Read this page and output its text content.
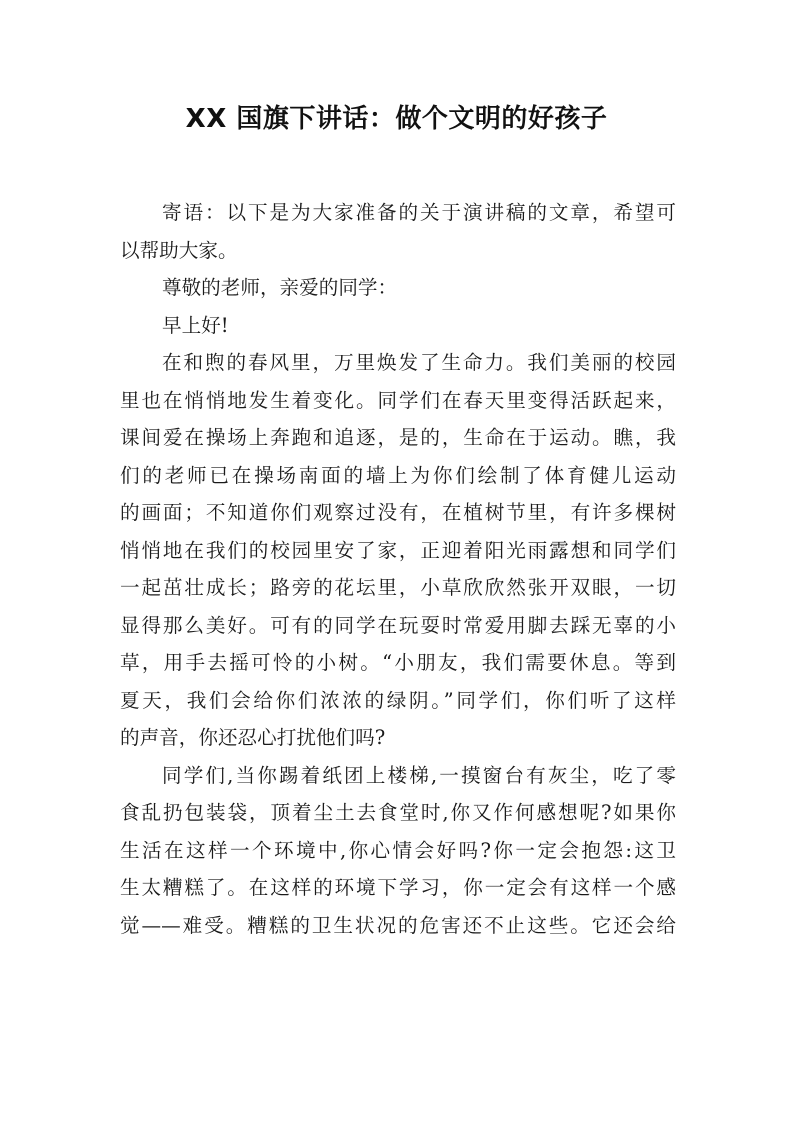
XX 国旗下讲话：做个文明的好孩子
寄语：以下是为大家准备的关于演讲稿的文章，希望可
以帮助大家。
尊敬的老师，亲爱的同学：
早上好!
在和煦的春风里，万里焕发了生命力。我们美丽的校园
里也在悄悄地发生着变化。同学们在春天里变得活跃起来，
课间爱在操场上奔跑和追逐，是的，生命在于运动。瞧，我
们的老师已在操场南面的墙上为你们绘制了体育健儿运动
的画面；不知道你们观察过没有，在植树节里，有许多棵树
悄悄地在我们的校园里安了家，正迎着阳光雨露想和同学们
一起茁壮成长；路旁的花坛里，小草欣欣然张开双眼，一切
显得那么美好。可有的同学在玩耍时常爱用脚去踩无辜的小
草，用手去摇可怜的小树。“小朋友，我们需要休息。等到
夏天，我们会给你们浓浓的绿阴。”同学们，你们听了这样
的声音，你还忍心打扰他们吗?
同学们,当你踢着纸团上楼梯,一摸窗台有灰尘，吃了零
食乱扔包装袋，顶着尘土去食堂时,你又作何感想呢?如果你
生活在这样一个环境中,你心情会好吗?你一定会抱怨:这卫
生太糟糕了。在这样的环境下学习，你一定会有这样一个感
觉——难受。糟糕的卫生状况的危害还不止这些。它还会给
